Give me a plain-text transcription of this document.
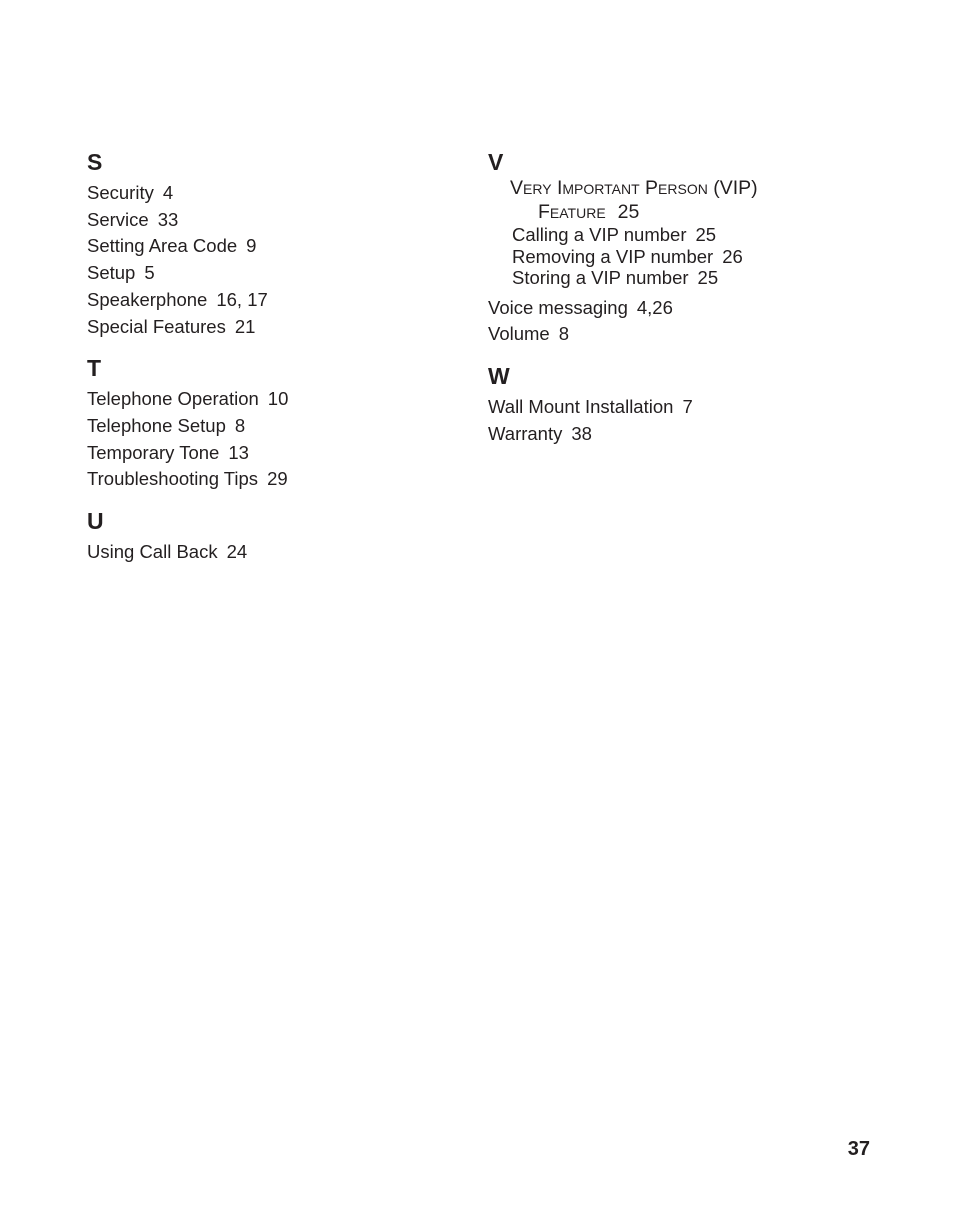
S
Security 4
Service 33
Setting Area Code 9
Setup 5
Speakerphone 16, 17
Special Features 21
T
Telephone Operation 10
Telephone Setup 8
Temporary Tone 13
Troubleshooting Tips 29
U
Using Call Back 24
V
Very Important Person (VIP)
Feature 25
Calling a VIP number 25
Removing a VIP number 26
Storing a VIP number 25
Voice messaging 4,26
Volume 8
W
Wall Mount Installation 7
Warranty 38
37
